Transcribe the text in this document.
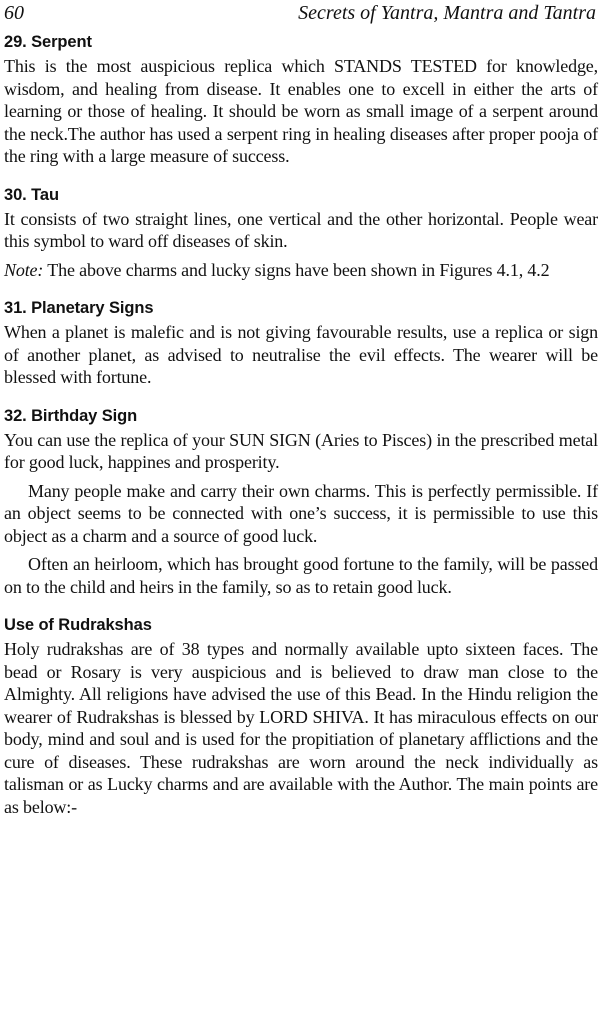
60	Secrets of Yantra, Mantra and Tantra
29. Serpent

This is the most auspicious replica which STANDS TESTED for knowledge, wisdom, and healing from disease. It enables one to excell in either the arts of learning or those of healing. It should be worn as small image of a serpent around the neck.The author has used a serpent ring in healing diseases after proper pooja of the ring with a large measure of success.

30. Tau

It consists of two straight lines, one vertical and the other horizontal. People wear this symbol to ward off diseases of skin.

Note: The above charms and lucky signs have been shown in Figures 4.1, 4.2

31. Planetary Signs

When a planet is malefic and is not giving favourable results, use a replica or sign of another planet, as advised to neutralise the evil effects. The wearer will be blessed with fortune.

32. Birthday Sign

You can use the replica of your SUN SIGN (Aries to Pisces) in the prescribed metal for good luck, happines and prosperity.

Many people make and carry their own charms. This is perfectly permissible. If an object seems to be connected with one’s success, it is permissible to use this object as a charm and a source of good luck.

Often an heirloom, which has brought good fortune to the family, will be passed on to the child and heirs in the family, so as to retain good luck.

Use of Rudrakshas

Holy rudrakshas are of 38 types and normally available upto sixteen faces. The bead or Rosary is very auspicious and is believed to draw man close to the Almighty. All religions have advised the use of this Bead. In the Hindu religion the wearer of Rudrakshas is blessed by LORD SHIVA. It has miraculous effects on our body, mind and soul and is used for the propitiation of planetary afflictions and the cure of diseases. These rudrakshas are worn around the neck individually as talisman or as Lucky charms and are available with the Author. The main points are as below:-
